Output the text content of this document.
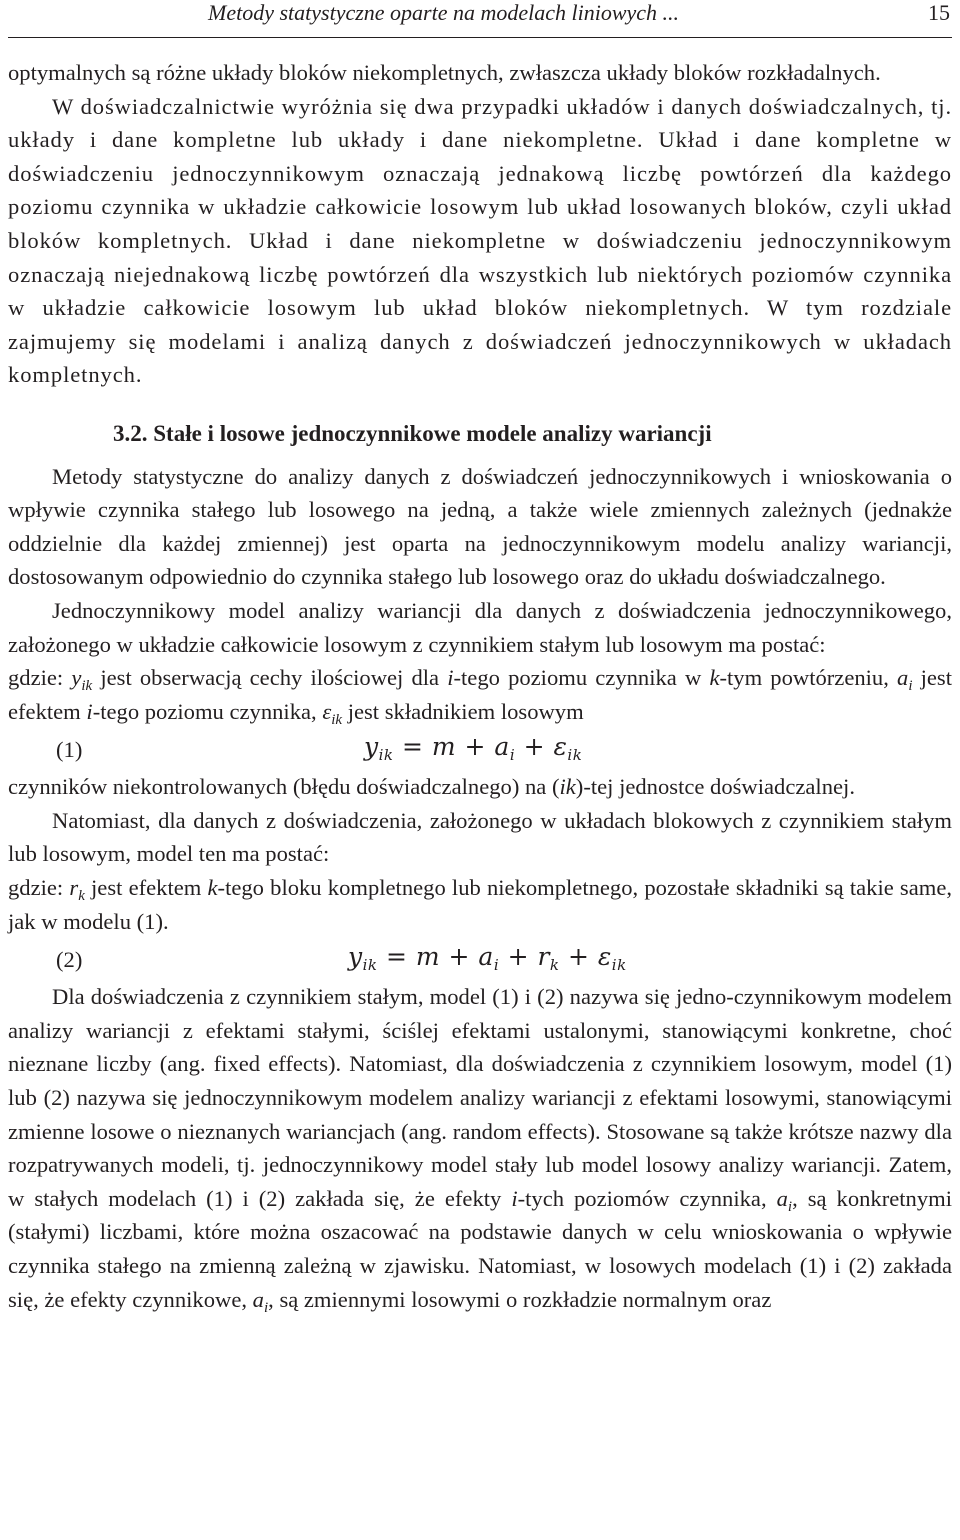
Metody statystyczne oparte na modelach liniowych ...	15

optymalnych są różne układy bloków niekompletnych, zwłaszcza układy bloków rozkładalnych.

W doświadczalnictwie wyróżnia się dwa przypadki układów i danych doświadczalnych, tj. układy i dane kompletne lub układy i dane niekompletne. Układ i dane kompletne w doświadczeniu jednoczynnikowym oznaczają jednakową liczbę powtórzeń dla każdego poziomu czynnika w układzie całkowicie losowym lub układ losowanych bloków, czyli układ bloków kompletnych. Układ i dane niekompletne w doświadczeniu jednoczynnikowym oznaczają niejednakową liczbę powtórzeń dla wszystkich lub niektórych poziomów czynnika w układzie całkowicie losowym lub układ bloków niekompletnych. W tym rozdziale zajmujemy się modelami i analizą danych z doświadczeń jednoczynnikowych w układach kompletnych.

3.2. Stałe i losowe jednoczynnikowe modele analizy wariancji

Metody statystyczne do analizy danych z doświadczeń jednoczynnikowych i wnioskowania o wpływie czynnika stałego lub losowego na jedną, a także wiele zmiennych zależnych (jednakże oddzielnie dla każdej zmiennej) jest oparta na jednoczynnikowym modelu analizy wariancji, dostosowanym odpowiednio do czynnika stałego lub losowego oraz do układu doświadczalnego.

Jednoczynnikowy model analizy wariancji dla danych z doświadczenia jednoczynnikowego, założonego w układzie całkowicie losowym z czynnikiem stałym lub losowym ma postać:

gdzie: $y_{ik}$ jest obserwacją cechy ilościowej dla i-tego poziomu czynnika w k-tym powtórzeniu, $a_i$ jest efektem i-tego poziomu czynnika, $\varepsilon_{ik}$ jest składnikiem losowym

(1)	$y_{ik} = m + a_i + \varepsilon_{ik}$

czynników niekontrolowanych (błędu doświadczalnego) na (ik)-tej jednostce doświadczalnej.

Natomiast, dla danych z doświadczenia, założonego w układach blokowych z czynnikiem stałym lub losowym, model ten ma postać:

gdzie: $r_k$ jest efektem k-tego bloku kompletnego lub niekompletnego, pozostałe składniki są takie same, jak w modelu (1).

(2)	$y_{ik} = m + a_i + r_k + \varepsilon_{ik}$

Dla doświadczenia z czynnikiem stałym, model (1) i (2) nazywa się jedno-czynnikowym modelem analizy wariancji z efektami stałymi, ściślej efektami ustalonymi, stanowiącymi konkretne, choć nieznane liczby (ang. fixed effects). Natomiast, dla doświadczenia z czynnikiem losowym, model (1) lub (2) nazywa się jednoczynnikowym modelem analizy wariancji z efektami losowymi, stanowiącymi zmienne losowe o nieznanych wariancjach (ang. random effects). Stosowane są także krótsze nazwy dla rozpatrywanych modeli, tj. jednoczynnikowy model stały lub model losowy analizy wariancji. Zatem, w stałych modelach (1) i (2) zakłada się, że efekty i-tych poziomów czynnika, $a_i$, są konkretnymi (stałymi) liczbami, które można oszacować na podstawie danych w celu wnioskowania o wpływie czynnika stałego na zmienną zależną w zjawisku. Natomiast, w losowych modelach (1) i (2) zakłada się, że efekty czynnikowe, $a_i$, są zmiennymi losowymi o rozkładzie normalnym oraz
